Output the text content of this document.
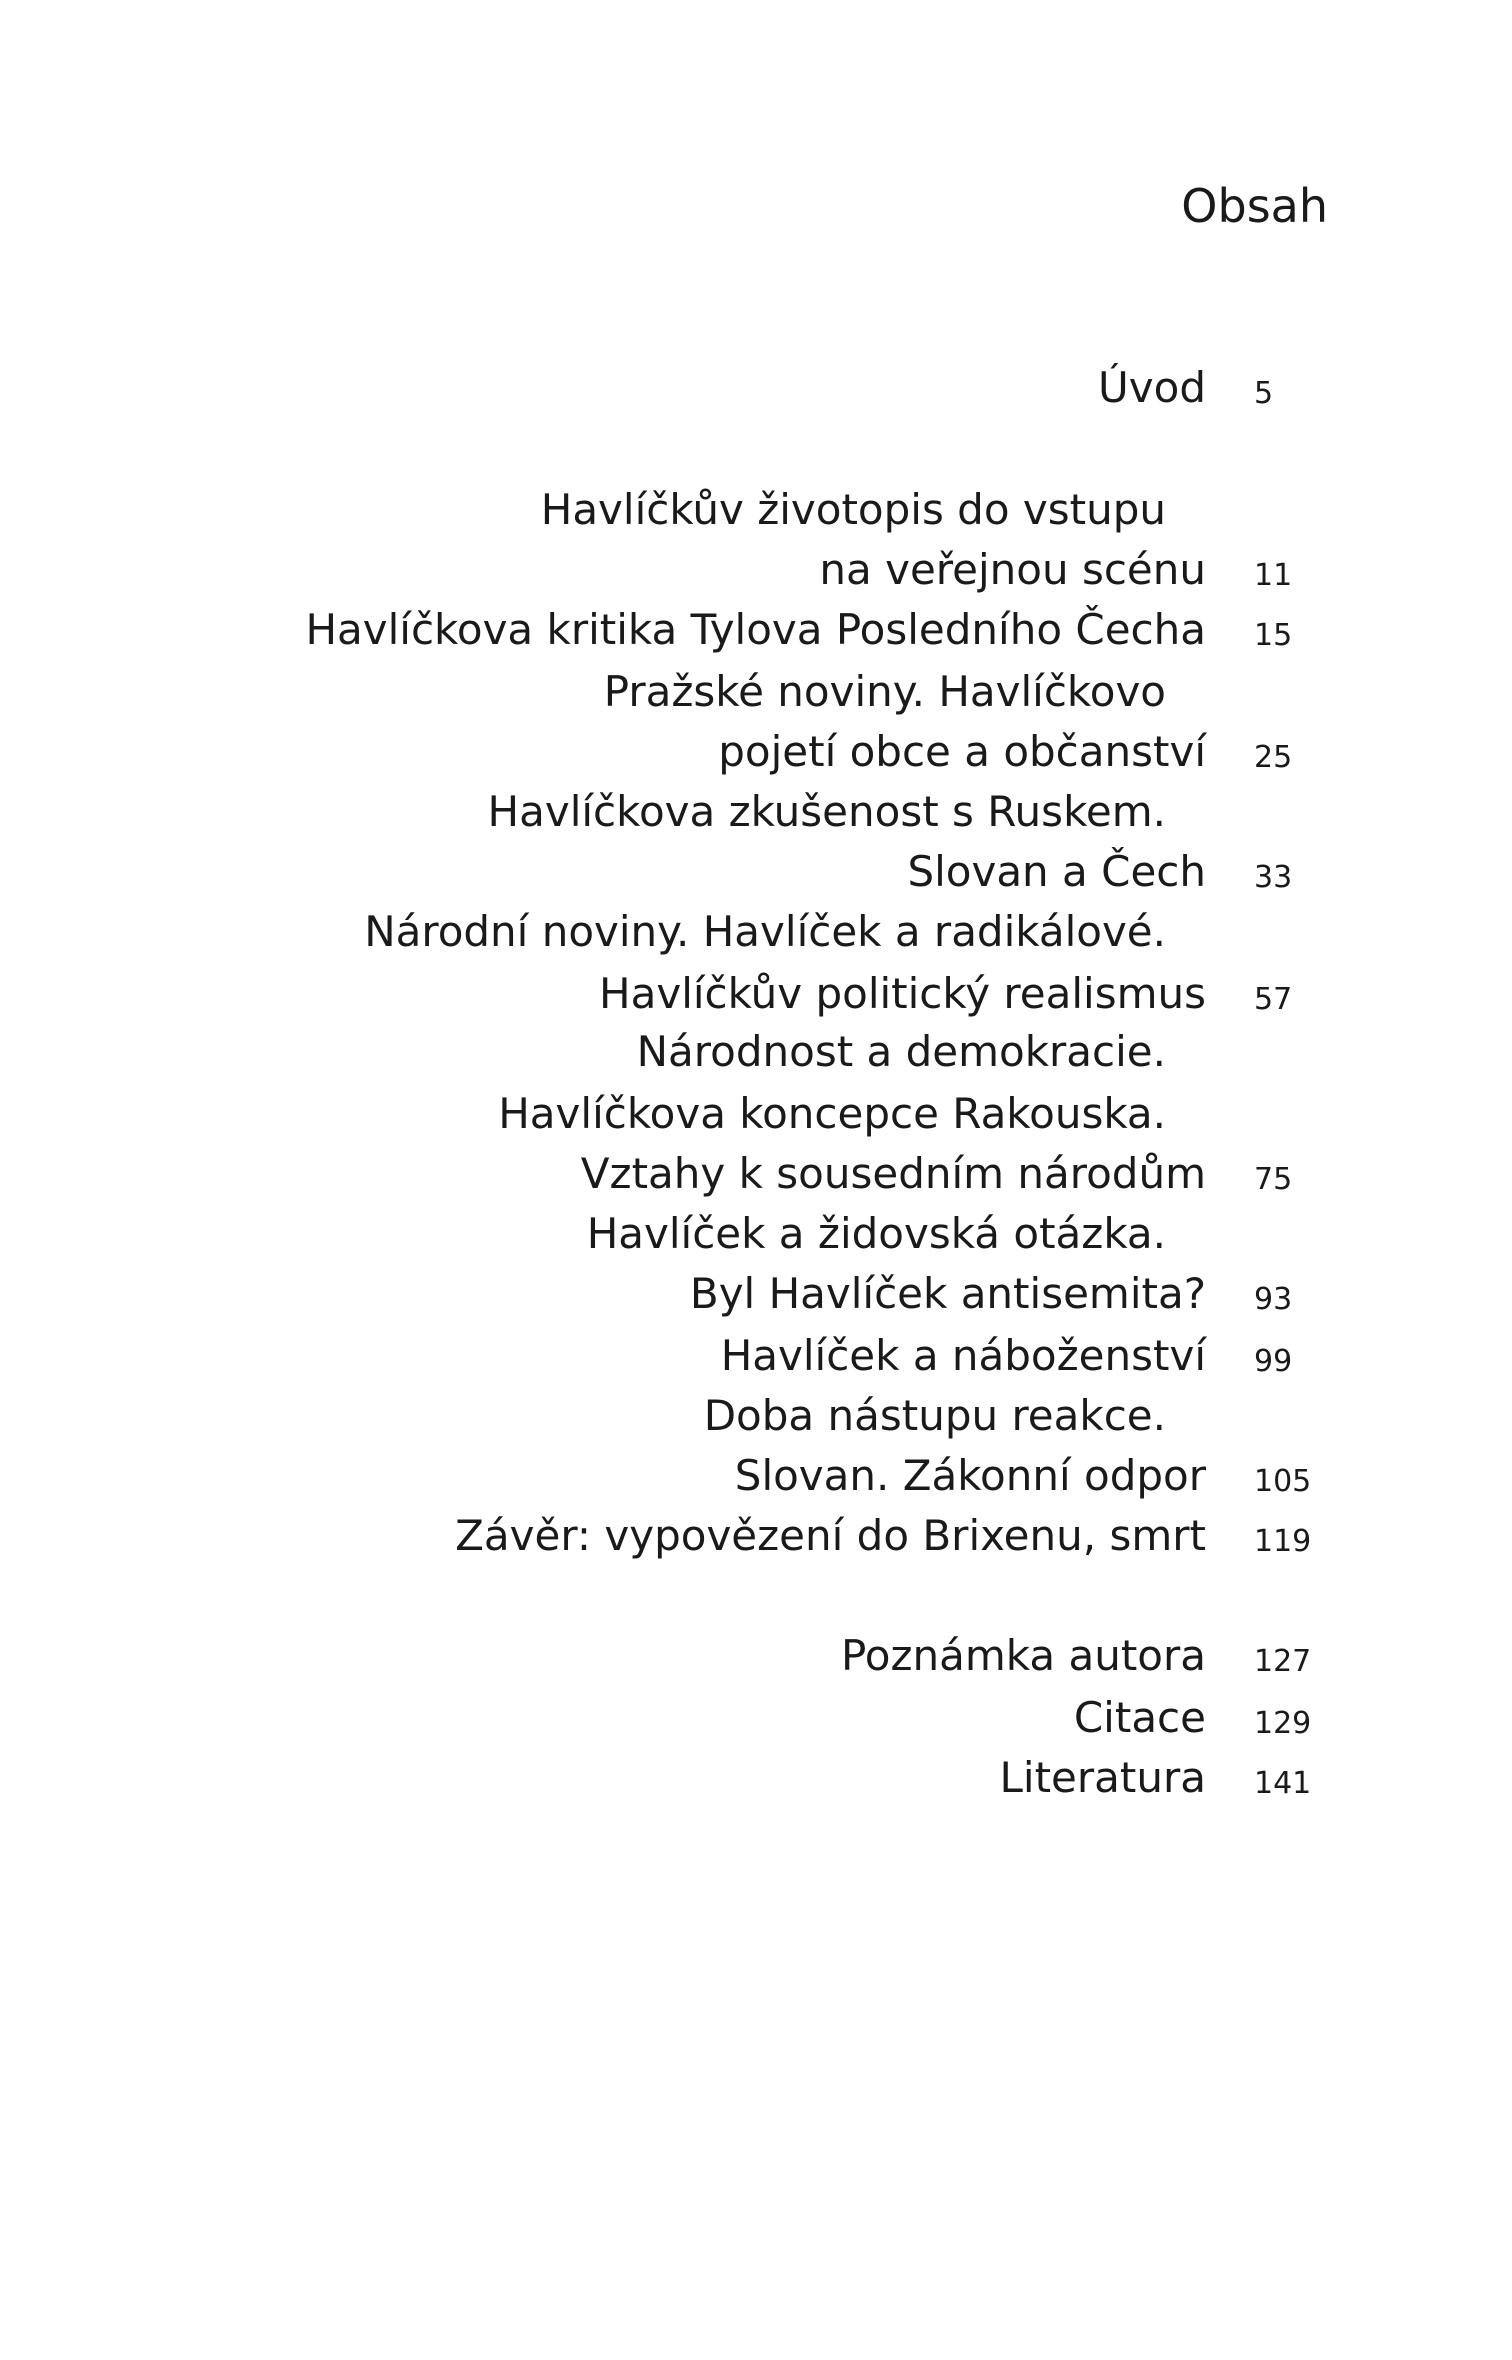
Obsah
Úvod 5
Havlíčkův životopis do vstupu
na veřejnou scénu 11
Havlíčkova kritika Tylova Posledního Čecha 15
Pražské noviny. Havlíčkovo
pojetí obce a občanství 25
Havlíčkova zkušenost s Ruskem.
Slovan a Čech 33
Národní noviny. Havlíček a radikálové.
Havlíčkův politický realismus 57
Národnost a demokracie.
Havlíčkova koncepce Rakouska.
Vztahy k sousedním národům 75
Havlíček a židovská otázka.
Byl Havlíček antisemita? 93
Havlíček a náboženství 99
Doba nástupu reakce.
Slovan. Zákonní odpor 105
Závěr: vypovězení do Brixenu, smrt 119
Poznámka autora 127
Citace 129
Literatura 141
